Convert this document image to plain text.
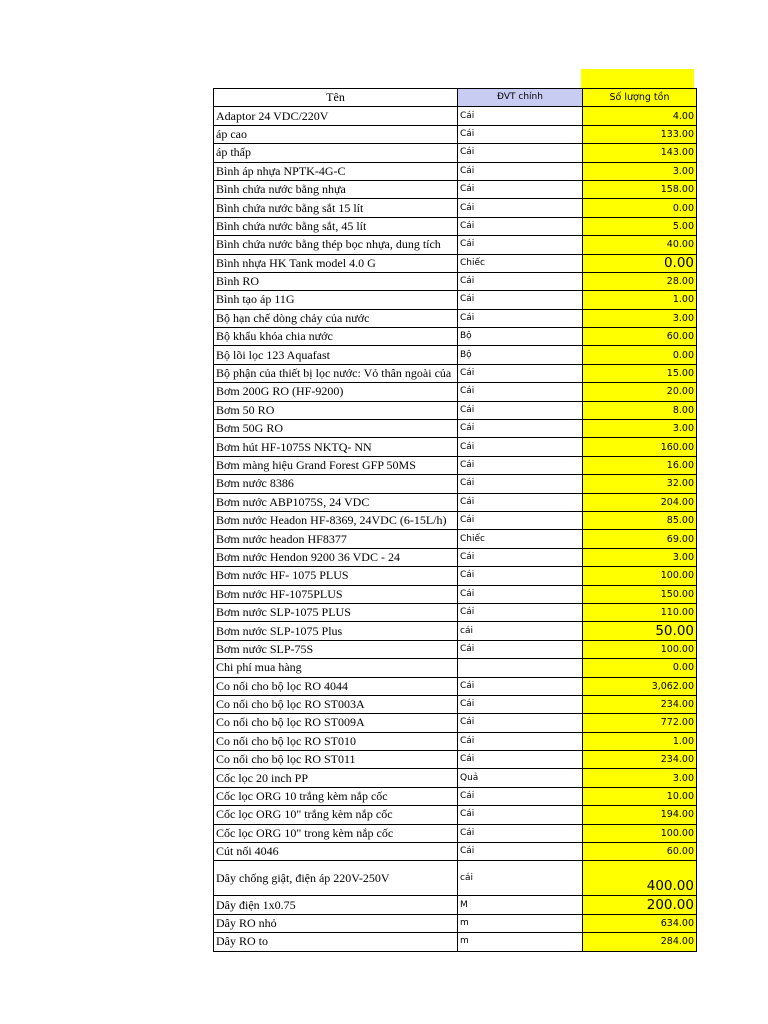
Tên	ĐVT chính	Số lượng tồn
Adaptor 24 VDC/220V	Cái	4.00
áp cao	Cái	133.00
áp thấp	Cái	143.00
Bình áp nhựa NPTK-4G-C	Cái	3.00
Bình chứa nước bằng nhựa	Cái	158.00
Bình chứa nước bằng sắt 15 lít	Cái	0.00
Bình chứa nước bằng sắt, 45 lít	Cái	5.00
Bình chứa nước bằng thép bọc nhựa, dung tích	Cái	40.00
Bình nhựa HK Tank model 4.0 G	Chiếc	0.00
Bình RO	Cái	28.00
Bình tạo áp 11G	Cái	1.00
Bộ hạn chế dòng chảy của nước	Cái	3.00
Bộ khẩu khóa chia nước	Bộ	60.00
Bộ lõi lọc 123 Aquafast	Bộ	0.00
Bộ phận của thiết bị lọc nước: Vỏ thân ngoài của	Cái	15.00
Bơm 200G RO (HF-9200)	Cái	20.00
Bơm 50 RO	Cái	8.00
Bơm 50G RO	Cái	3.00
Bơm hút HF-1075S NKTQ- NN	Cái	160.00
Bơm màng hiệu Grand Forest GFP 50MS	Cái	16.00
Bơm nước 8386	Cái	32.00
Bơm nước ABP1075S, 24 VDC	Cái	204.00
Bơm nước Headon HF-8369, 24VDC (6-15L/h)	Cái	85.00
Bơm nước headon HF8377	Chiếc	69.00
Bơm nước Hendon 9200 36 VDC - 24	Cái	3.00
Bơm nước HF- 1075 PLUS	Cái	100.00
Bơm nước HF-1075PLUS	Cái	150.00
Bơm nước SLP-1075 PLUS	Cái	110.00
Bơm nước SLP-1075 Plus	cái	50.00
Bơm nước SLP-75S	Cái	100.00
Chi phí mua hàng		0.00
Co nối cho bộ lọc RO 4044	Cái	3,062.00
Co nối cho bộ lọc RO ST003A	Cái	234.00
Co nối cho bộ lọc RO ST009A	Cái	772.00
Co nối cho bộ lọc RO ST010	Cái	1.00
Co nối cho bộ lọc RO ST011	Cái	234.00
Cốc lọc 20 inch PP	Quả	3.00
Cốc lọc ORG 10 trắng kèm nắp cốc	Cái	10.00
Cốc lọc ORG 10" trắng kèm nắp cốc	Cái	194.00
Cốc lọc ORG 10" trong kèm nắp cốc	Cái	100.00
Cút nối 4046	Cái	60.00
Dây chống giật, điện áp 220V-250V	cái	400.00
Dây điện 1x0.75	M	200.00
Dây RO nhỏ	m	634.00
Dây RO to	m	284.00
